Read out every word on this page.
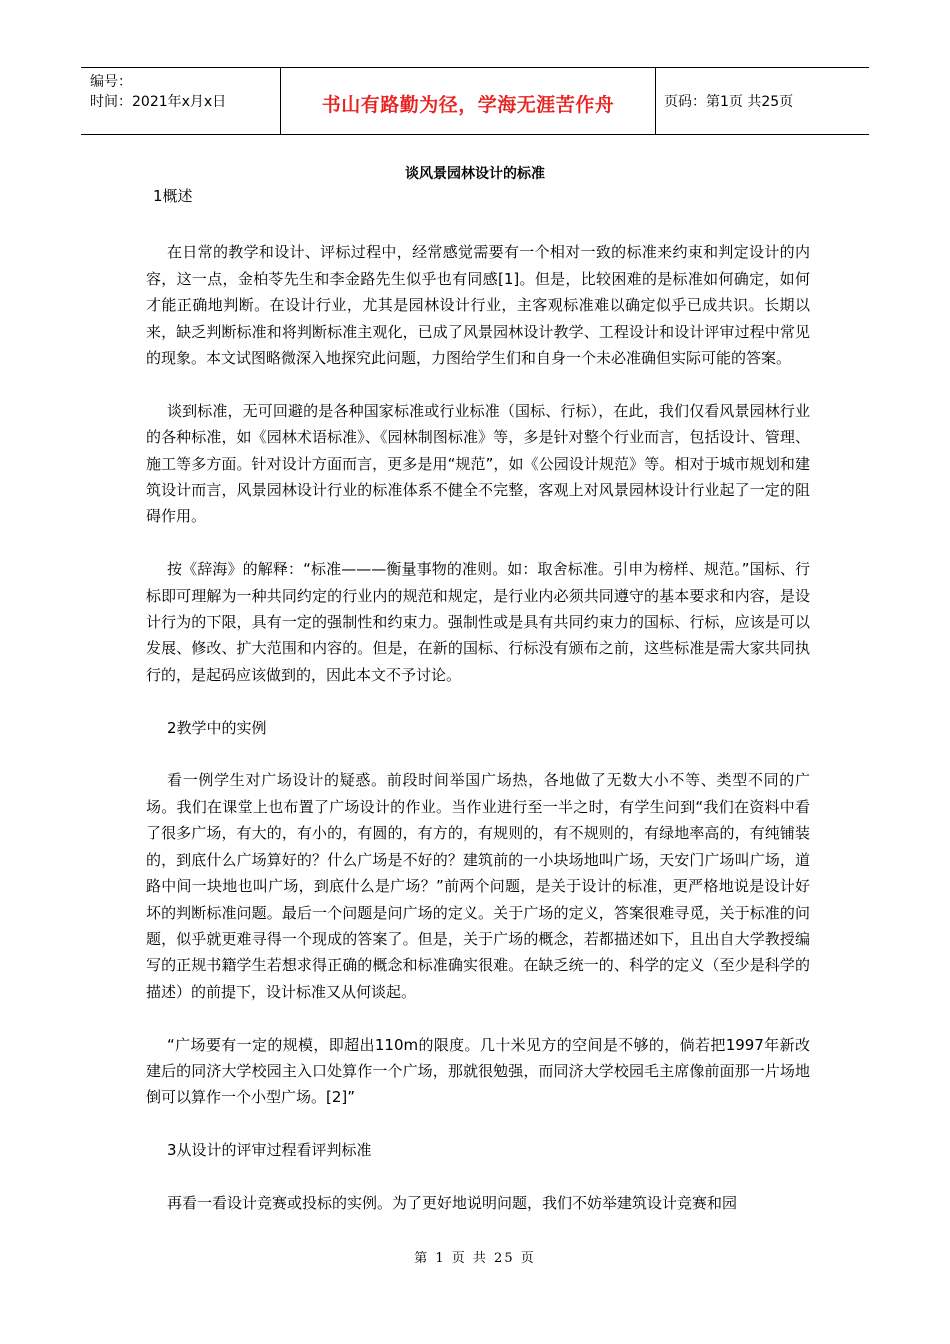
编号：
时间：2021年x月x日	书山有路勤为径，学海无涯苦作舟	页码：第1页 共25页
谈风景园林设计的标准

1概述

在日常的教学和设计、评标过程中，经常感觉需要有一个相对一致的标准来约束和判定设计的内容，这一点，金柏苓先生和李金路先生似乎也有同感[1]。但是，比较困难的是标准如何确定，如何才能正确地判断。在设计行业，尤其是园林设计行业，主客观标准难以确定似乎已成共识。长期以来，缺乏判断标准和将判断标准主观化，已成了风景园林设计教学、工程设计和设计评审过程中常见的现象。本文试图略微深入地探究此问题，力图给学生们和自身一个未必准确但实际可能的答案。

谈到标准，无可回避的是各种国家标准或行业标准（国标、行标），在此，我们仅看风景园林行业的各种标准，如《园林术语标准》、《园林制图标准》等，多是针对整个行业而言，包括设计、管理、施工等多方面。针对设计方面而言，更多是用“规范”，如《公园设计规范》等。相对于城市规划和建筑设计而言，风景园林设计行业的标准体系不健全不完整，客观上对风景园林设计行业起了一定的阻碍作用。

按《辞海》的解释：“标准———衡量事物的准则。如：取舍标准。引申为榜样、规范。”国标、行标即可理解为一种共同约定的行业内的规范和规定，是行业内必须共同遵守的基本要求和内容，是设计行为的下限，具有一定的强制性和约束力。强制性或是具有共同约束力的国标、行标，应该是可以发展、修改、扩大范围和内容的。但是，在新的国标、行标没有颁布之前，这些标准是需大家共同执行的，是起码应该做到的，因此本文不予讨论。

2教学中的实例

看一例学生对广场设计的疑惑。前段时间举国广场热，各地做了无数大小不等、类型不同的广场。我们在课堂上也布置了广场设计的作业。当作业进行至一半之时，有学生问到“我们在资料中看了很多广场，有大的，有小的，有圆的，有方的，有规则的，有不规则的，有绿地率高的，有纯铺装的，到底什么广场算好的？什么广场是不好的？建筑前的一小块场地叫广场，天安门广场叫广场，道路中间一块地也叫广场，到底什么是广场？”前两个问题，是关于设计的标准，更严格地说是设计好坏的判断标准问题。最后一个问题是问广场的定义。关于广场的定义，答案很难寻觅，关于标准的问题，似乎就更难寻得一个现成的答案了。但是，关于广场的概念，若都描述如下，且出自大学教授编写的正规书籍学生若想求得正确的概念和标准确实很难。在缺乏统一的、科学的定义（至少是科学的描述）的前提下，设计标准又从何谈起。

“广场要有一定的规模，即超出110m的限度。几十米见方的空间是不够的，倘若把1997年新改建后的同济大学校园主入口处算作一个广场，那就很勉强，而同济大学校园毛主席像前面那一片场地倒可以算作一个小型广场。[2]”

3从设计的评审过程看评判标准

再看一看设计竞赛或投标的实例。为了更好地说明问题，我们不妨举建筑设计竞赛和园

第 1 页 共 25 页
